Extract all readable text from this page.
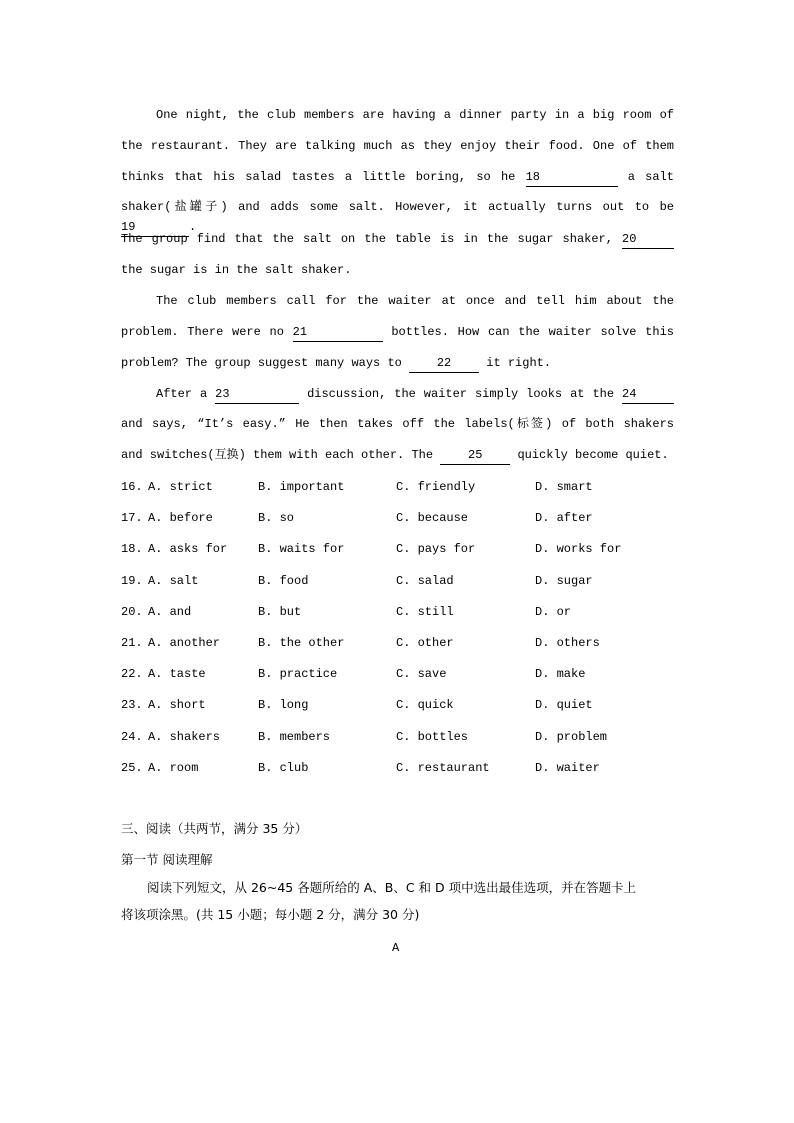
One night, the club members are having a dinner party in a big room of
the restaurant. They are talking much as they enjoy their food. One of them
thinks that his salad tastes a little boring, so he 18	a salt
shaker(盐罐子) and adds some salt. However, it actually turns out to be 19	.
The group find that the salt on the table is in the sugar shaker, 20
the sugar is in the salt shaker.
The club members call for the waiter at once and tell him about the
problem. There were no 21	bottles. How can the waiter solve this
problem? The group suggest many ways to 22 it right.
After a 23	discussion, the waiter simply looks at the 24
and says, “It’s easy.” He then takes off the labels(标签) of both shakers
and switches(互换) them with each other. The 25 quickly become quiet.
16. A. strict	B. important	C. friendly	D. smart
17. A. before	B. so	C. because	D. after
18. A. asks for	B. waits for	C. pays for	D. works for
19. A. salt	B. food	C. salad	D. sugar
20. A. and	B. but	C. still	D. or
21. A. another	B. the other	C. other	D. others
22. A. taste	B. practice	C. save	D. make
23. A. short	B. long	C. quick	D. quiet
24. A. shakers	B. members	C. bottles	D. problem
25. A. room	B. club	C. restaurant	D. waiter
三、阅读（共两节，满分 35 分）
第一节 阅读理解
阅读下列短文，从 26~45 各题所给的 A、B、C 和 D 项中选出最佳选项，并在答题卡上
将该项涂黑。(共 15 小题；每小题 2 分，满分 30 分)
A
